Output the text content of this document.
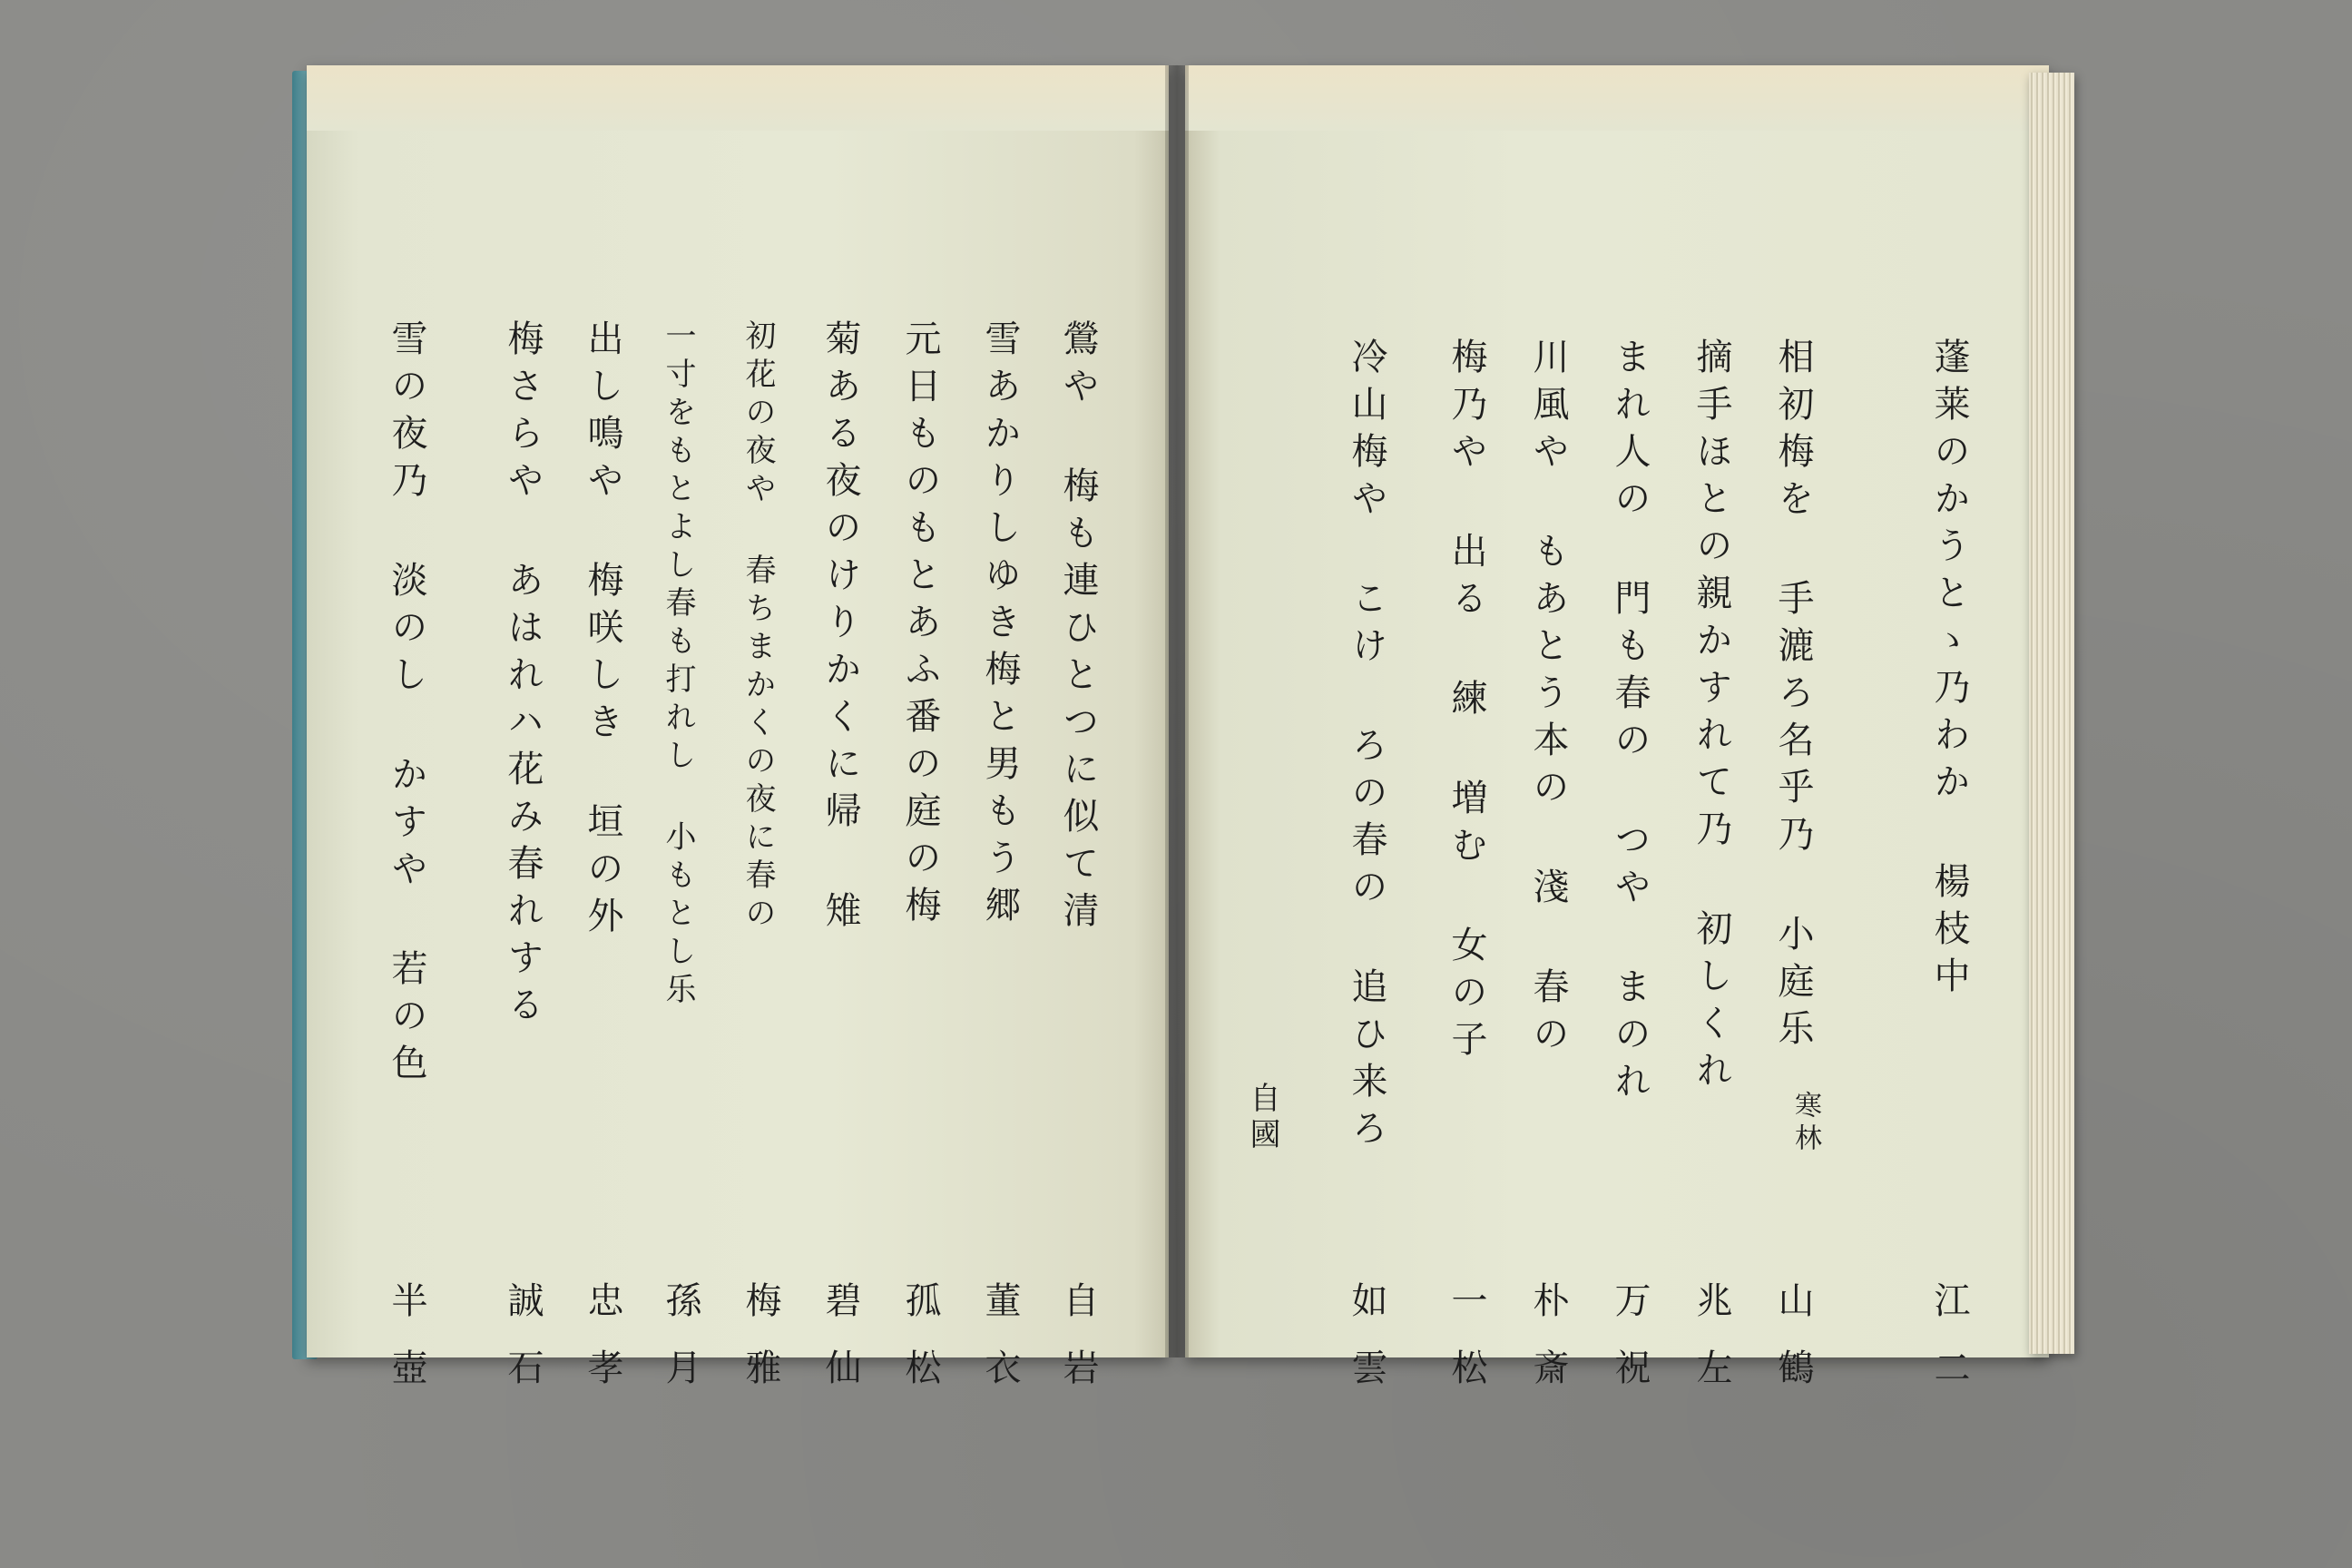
鶯や 梅も連ひとつに似て清
自岩
雪あかりしゆき梅と男もう郷
董衣
元日ものもとあふ番の庭の梅
孤松
菊ある夜のけりかくに帰 雉
碧仙
初花の夜や 春ちまかくの夜に春の
梅雅
一寸をもとよし春も打れし 小もとし乐
孫月
出し鳴や 梅咲しき 垣の外
忠孝
梅さらや あはれハ花み春れする
誠石
雪の夜乃 淡のし かすや 若の色
半壺
蓬莱のかうとゝ乃わか 楊枝中
江二
寒林
相初梅を 手漉ろ名乎乃 小庭乐
山鶴
摘手ほとの親かすれて乃 初しくれ
兆左
まれ人の 門も春の つや まのれ
万祝
川風や もあとう本の 淺 春の
朴斎
梅乃や 出る 練 増む 女の子
一松
冷山梅や こけ ろの春の 追ひ来ろ
如雲
自國
